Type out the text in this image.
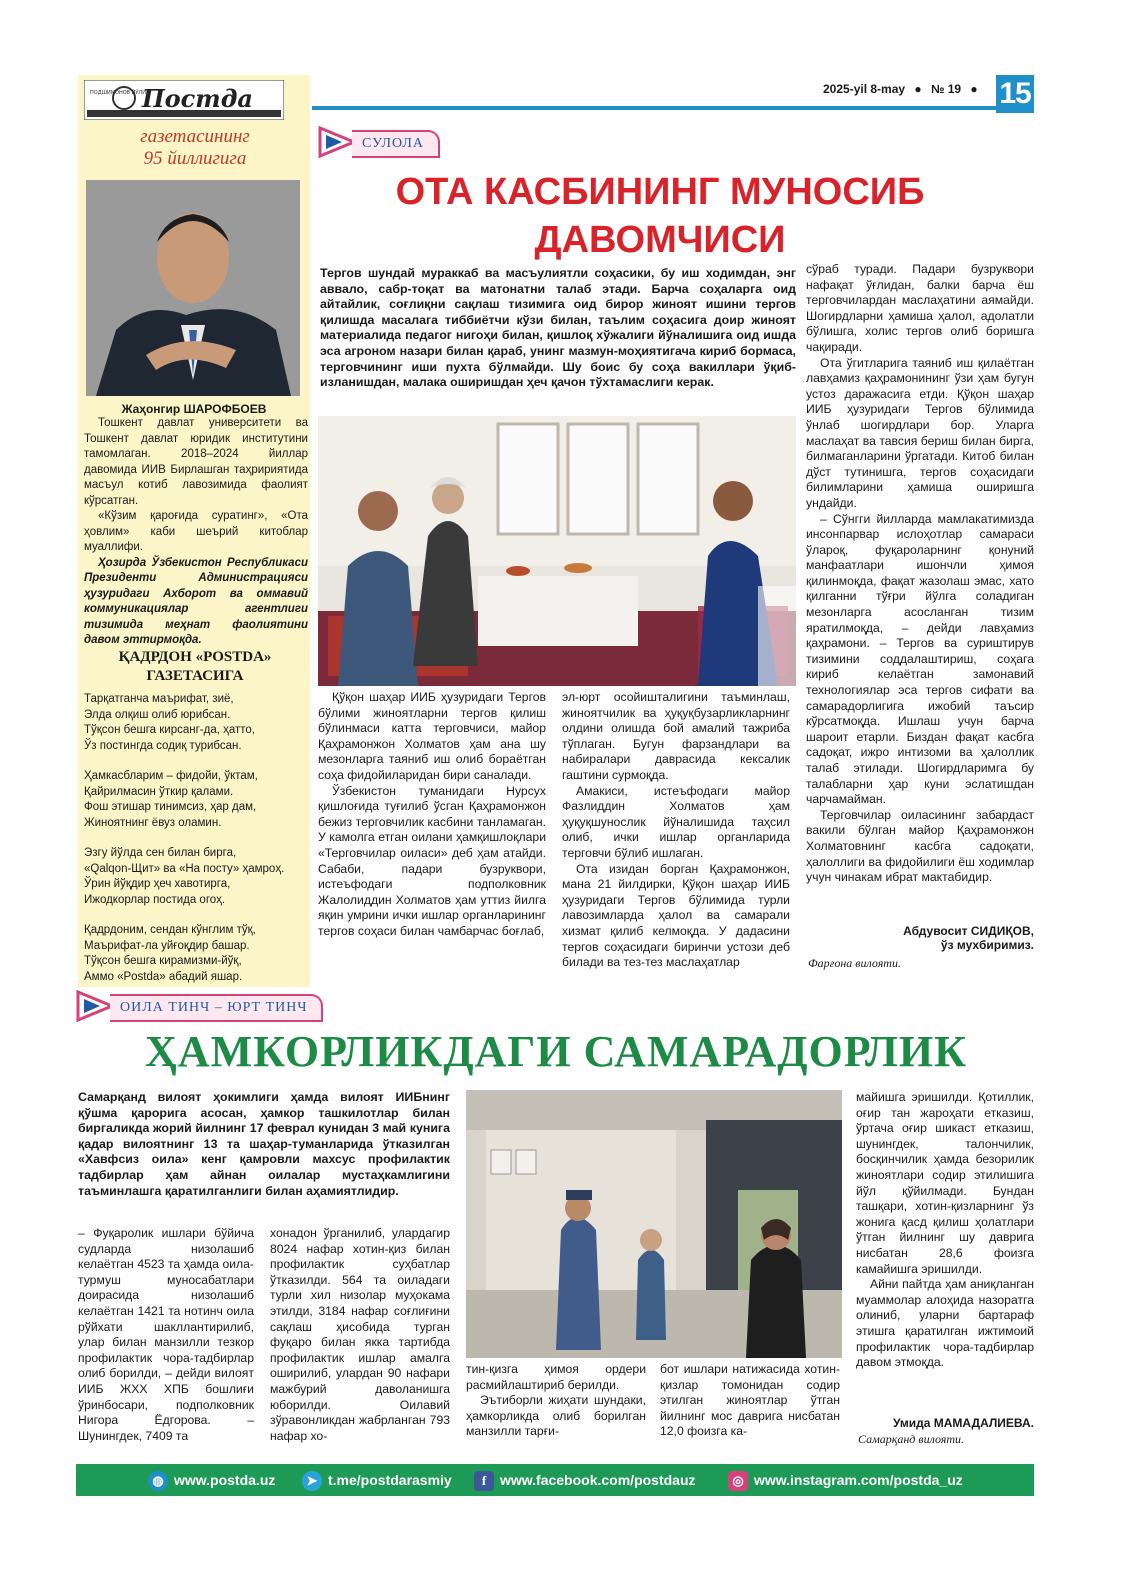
2025-yil 8-may ● № 19 ● 15
Постда
ПОДШИМОНОВ ЙЎЛИ
газетасининг
95 йиллигига
Жаҳонгир ШАРОФБОЕВ

Тошкент давлат университети ва Тошкент давлат юридик институтини тамомлаган. 2018–2024 йиллар давомида ИИВ Бирлашган таҳририятида масъул котиб лавозимида фаолият кўрсатган.

«Кўзим қароғида суратинг», «Ота ҳовлим» каби шеърий китоблар муаллифи.

Ҳозирда Ўзбекистон Республикаси Президенти Администрацияси ҳузуридаги Ахборот ва оммавий коммуникациялар агентлиги тизимида меҳнат фаолиятини давом эттирмоқда.

ҚАДРДОН «POSTDA»
ГАЗЕТАСИГА
Тарқатганча маърифат, зиё,
Элда олқиш олиб юрибсан.
Тўқсон бешга кирсанг-да, ҳатто,
Ўз постингда содиқ турибсан.
Ҳамкасбларим – фидойи, ўктам,
Қайрилмасин ўткир қалами.
Фош этишар тинимсиз, ҳар дам,
Жиноятнинг ёвуз оламин.
Эзгу йўлда сен билан бирга,
«Qalqon-Щит» ва «На посту» ҳамроҳ.
Ўрин йўқдир ҳеч хавотирга,
Ижодкорлар постида огоҳ.
Қадрдоним, сендан кўнглим тўқ,
Маърифат-ла уйғоқдир башар.
Тўқсон бешга кирамизми-йўқ,
Аммо «Postda» абадий яшар.
СУЛОЛА
ОТА КАСБИНИНГ МУНОСИБ
ДАВОМЧИСИ
Тергов шундай мураккаб ва масъулиятли соҳасики, бу иш ходимдан, энг аввало, сабр-тоқат ва матонатни талаб этади. Барча соҳаларга оид айтайлик, соғлиқни сақлаш тизимига оид бирор жиноят ишини тергов қилишда масалага тиббиётчи кўзи билан, таълим соҳасига доир жиноят материалида педагог нигоҳи билан, қишлоқ хўжалиги йўналишига оид ишда эса агроном назари билан қараб, унинг мазмун-моҳиятигача кириб бормаса, терговчининг иши пухта бўлмайди. Шу боис бу соҳа вакиллари ўқиб-изланишдан, малака оширишдан ҳеч қачон тўхтамаслиги керак.

Қўқон шаҳар ИИБ ҳузуридаги Тергов бўлими жиноятларни тергов қилиш бўлинмаси катта терговчиси, майор Қаҳрамонжон Холматов ҳам ана шу мезонларга таяниб иш олиб бораётган соҳа фидойиларидан бири саналади.

Ўзбекистон туманидаги Нурсух қишлоғида туғилиб ўсган Қаҳрамонжон бежиз терговчилик касбини танламаган. У камолга етган оилани ҳамқишлоқлари «Терговчилар оиласи» деб ҳам атайди. Сабаби, падари бузруквори, истеъфодаги подполковник Жалолиддин Холматов ҳам уттиз йилга яқин умрини ички ишлар органларининг тергов соҳаси билан чамбарчас боғлаб,

эл-юрт осойишталигини таъминлаш, жиноятчилик ва ҳуқуқбузарликларнинг олдини олишда бой амалий тажриба тўплаган. Бугун фарзандлари ва набиралари даврасида кексалик гаштини сурмоқда.

Амакиси, истеъфодаги майор Фазлиддин Холматов ҳам ҳуқуқшунослик йўналишида таҳсил олиб, ички ишлар органларида терговчи бўлиб ишлаган.

Ота изидан борган Қаҳрамонжон, мана 21 йилдирки, Қўқон шаҳар ИИБ ҳузуридаги Тергов бўлимида турли лавозимларда ҳалол ва самарали хизмат қилиб келмоқда. У дадасини тергов соҳасидаги биринчи устози деб билади ва тез-тез маслаҳатлар

сўраб туради. Падари бузруквори нафақат ўғлидан, балки барча ёш терговчилардан маслаҳатини аямайди. Шогирдларни ҳамиша ҳалол, адолатли бўлишга, холис тергов олиб боришга чақиради.

Ота ўгитларига таяниб иш қилаётган лавҳамиз қаҳрамонининг ўзи ҳам бугун устоз даражасига етди. Қўқон шаҳар ИИБ ҳузуридаги Тергов бўлимида ўнлаб шогирдлари бор. Уларга маслаҳат ва тавсия бериш билан бирга, билмаганларини ўргатади. Китоб билан дўст тутинишга, тергов соҳасидаги билимларини ҳамиша оширишга ундайди.

– Сўнгги йилларда мамлакатимизда инсонпарвар ислоҳотлар самараси ўлароқ, фуқароларнинг қонуний манфаатлари ишончли ҳимоя қилинмоқда, фақат жазолаш эмас, хато қилганни тўғри йўлга соладиган мезонларга асосланган тизим яратилмоқда, – дейди лавҳамиз қаҳрамони. – Тергов ва суриштирув тизимини соддалаштириш, соҳага кириб келаётган замонавий технологиялар эса тергов сифати ва самарадорлигига ижобий таъсир кўрсатмоқда. Ишлаш учун барча шароит етарли. Биздан фақат касбга садоқат, ижро интизоми ва ҳалоллик талаб этилади. Шогирдларимга бу талабларни ҳар куни эслатишдан чарчамайман.

Терговчилар оиласининг забардаст вакили бўлган майор Қаҳрамонжон Холматовнинг касбга садоқати, ҳалоллиги ва фидойилиги ёш ходимлар учун чинакам ибрат мактабидир.

Абдувосит СИДИҚОВ,
ўз мухбиримиз.
Фарғона вилояти.
ОИЛА ТИНЧ – ЮРТ ТИНЧ
ҲАМКОРЛИКДАГИ САМАРАДОРЛИК
Самарқанд вилоят ҳокимлиги ҳамда вилоят ИИБнинг қўшма қарорига асосан, ҳамкор ташкилотлар билан биргаликда жорий йилнинг 17 феврал кунидан 3 май кунига қадар вилоятнинг 13 та шаҳар-туманларида ўтказилган «Хавфсиз оила» кенг қамровли махсус профилактик тадбирлар ҳам айнан оилалар мустаҳкамлигини таъминлашга қаратилганлиги билан аҳамиятлидир.
– Фуқаролик ишлари бўйича судларда низолашиб келаётган 4523 та ҳамда оила-турмуш муносабатлари доирасида низолашиб келаётган 1421 та нотинч оила рўйхати шакллантирилиб, улар билан манзилли тезкор профилактик чора-тадбирлар олиб борилди, – дейди вилоят ИИБ ЖХХ ХПБ бошлиғи ўринбосари, подполковник Нигора Ёдгорова. – Шунингдек, 7409 та
хонадон ўрганилиб, улардагир 8024 нафар хотин-қиз билан профилактик суҳбатлар ўтказилди. 564 та оиладаги турли хил низолар муҳокама этилди, 3184 нафар соғлиғини сақлаш ҳисобида турган фуқаро билан якка тартибда профилактик ишлар амалга оширилиб, улардан 90 нафари мажбурий даволанишга юборилди. Оилавий зўравонликдан жабрланган 793 нафар хо-

тин-қизга ҳимоя ордери расмийлаштириб берилди.

Эътиборли жиҳати шундаки, ҳамкорликда олиб борилган манзилли тарғи-

бот ишлари натижасида хотин-қизлар томонидан содир этилган жиноятлар ўтган йилнинг мос даврига нисбатан 12,0 фоизга ка-

майишга эришилди. Қотиллик, оғир тан жароҳати етказиш, ўртача оғир шикаст етказиш, шунингдек, талончилик, босқинчилик ҳамда безорилик жиноятлари содир этилишига йўл қўйилмади. Бундан ташқари, хотин-қизларнинг ўз жонига қасд қилиш ҳолатлари ўтган йилнинг шу даврига нисбатан 28,6 фоизга камайишга эришилди.

Айни пайтда ҳам аниқланган муаммолар алоҳида назоратга олиниб, уларни бартараф этишга қаратилган ижтимоий профилактик чора-тадбирлар давом этмоқда.

Умида МАМАДАЛИЕВА.
Самарқанд вилояти.
◍ www.postda.uz	➤ t.me/postdarasmiy	f www.facebook.com/postdauz	◎ www.instagram.com/postda_uz
